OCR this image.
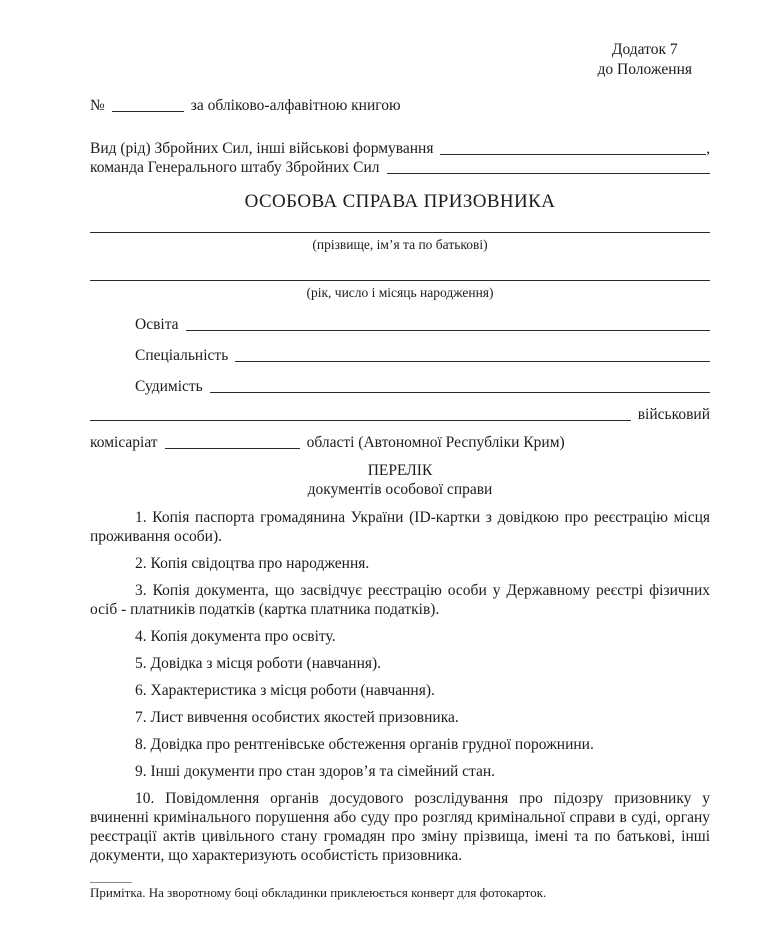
Додаток 7
до Положення
№	за обліково-алфавітною книгою
Вид (рід) Збройних Сил, інші військові формування	,
команда Генерального штабу Збройних Сил
ОСОБОВА СПРАВА ПРИЗОВНИКА
(прізвище, ім’я та по батькові)
(рік, число і місяць народження)
Освіта
Спеціальність
Судимість
військовий
комісаріат	області (Автономної Республіки Крим)
ПЕРЕЛІК
документів особової справи

1. Копія паспорта громадянина України (ID-картки з довідкою про реєстрацію місця проживання особи).

2. Копія свідоцтва про народження.

3. Копія документа, що засвідчує реєстрацію особи у Державному реєстрі фізичних осіб - платників податків (картка платника податків).

4. Копія документа про освіту.

5. Довідка з місця роботи (навчання).

6. Характеристика з місця роботи (навчання).

7. Лист вивчення особистих якостей призовника.

8. Довідка про рентгенівське обстеження органів грудної порожнини.

9. Інші документи про стан здоров’я та сімейний стан.

10. Повідомлення органів досудового розслідування про підозру призовнику у вчиненні кримінального порушення або суду про розгляд кримінальної справи в суді, органу реєстрації актів цивільного стану громадян про зміну прізвища, імені та по батькові, інші документи, що характеризують особистість призовника.

Примітка. На зворотному боці обкладинки приклеюється конверт для фотокарток.
